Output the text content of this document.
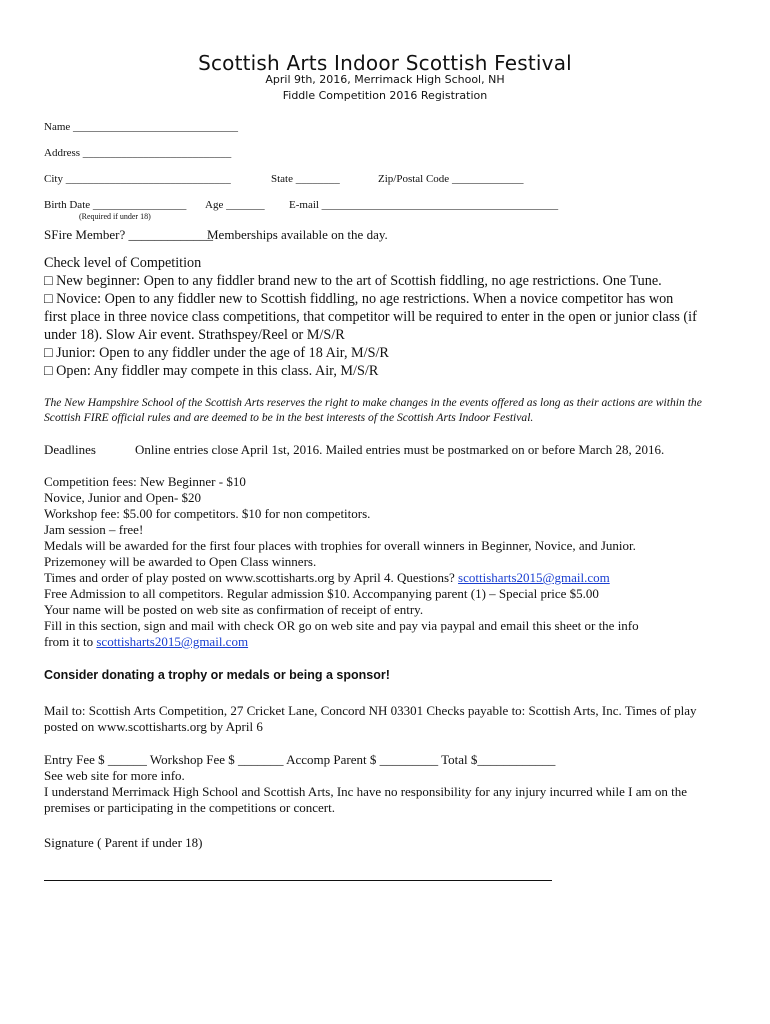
Scottish Arts Indoor Scottish Festival
April 9th, 2016, Merrimack High School, NH
Fiddle Competition 2016 Registration
Name ______________________________
Address ___________________________
City ______________________________	State ________	Zip/Postal Code _____________
Birth Date _________________ Age _______ E-mail ___________________________________________
(Required if under 18)
SFire Member? _____________
Memberships available on the day.
Check level of Competition
□ New beginner: Open to any fiddler brand new to the art of Scottish fiddling, no age restrictions. One Tune.
□ Novice: Open to any fiddler new to Scottish fiddling, no age restrictions. When a novice competitor has won
first place in three novice class competitions, that competitor will be required to enter in the open or junior class (if
under 18). Slow Air event. Strathspey/Reel or M/S/R
□ Junior: Open to any fiddler under the age of 18 Air, M/S/R
□ Open: Any fiddler may compete in this class. Air, M/S/R
The New Hampshire School of the Scottish Arts reserves the right to make changes in the events offered as long as their actions are within the
Scottish FIRE official rules and are deemed to be in the best interests of the Scottish Arts Indoor Festival.
Deadlines	Online entries close April 1st, 2016. Mailed entries must be postmarked on or before March 28, 2016.
Competition fees: New Beginner - $10
Novice, Junior and Open- $20
Workshop fee: $5.00 for competitors. $10 for non competitors.
Jam session – free!
Medals will be awarded for the first four places with trophies for overall winners in Beginner, Novice, and Junior.
Prizemoney will be awarded to Open Class winners.
Times and order of play posted on www.scottisharts.org by April 4. Questions? scottisharts2015@gmail.com
Free Admission to all competitors. Regular admission $10. Accompanying parent (1) – Special price $5.00
Your name will be posted on web site as confirmation of receipt of entry.
Fill in this section, sign and mail with check OR go on web site and pay via paypal and email this sheet or the info
from it to scottisharts2015@gmail.com
Consider donating a trophy or medals or being a sponsor!
Mail to: Scottish Arts Competition, 27 Cricket Lane, Concord NH 03301 Checks payable to: Scottish Arts, Inc. Times of play
posted on www.scottisharts.org by April 6
Entry Fee $ ______ Workshop Fee $ _______ Accomp Parent $ _________ Total $____________
See web site for more info.
I understand Merrimack High School and Scottish Arts, Inc have no responsibility for any injury incurred while I am on the
premises or participating in the competitions or concert.
Signature ( Parent if under 18)
